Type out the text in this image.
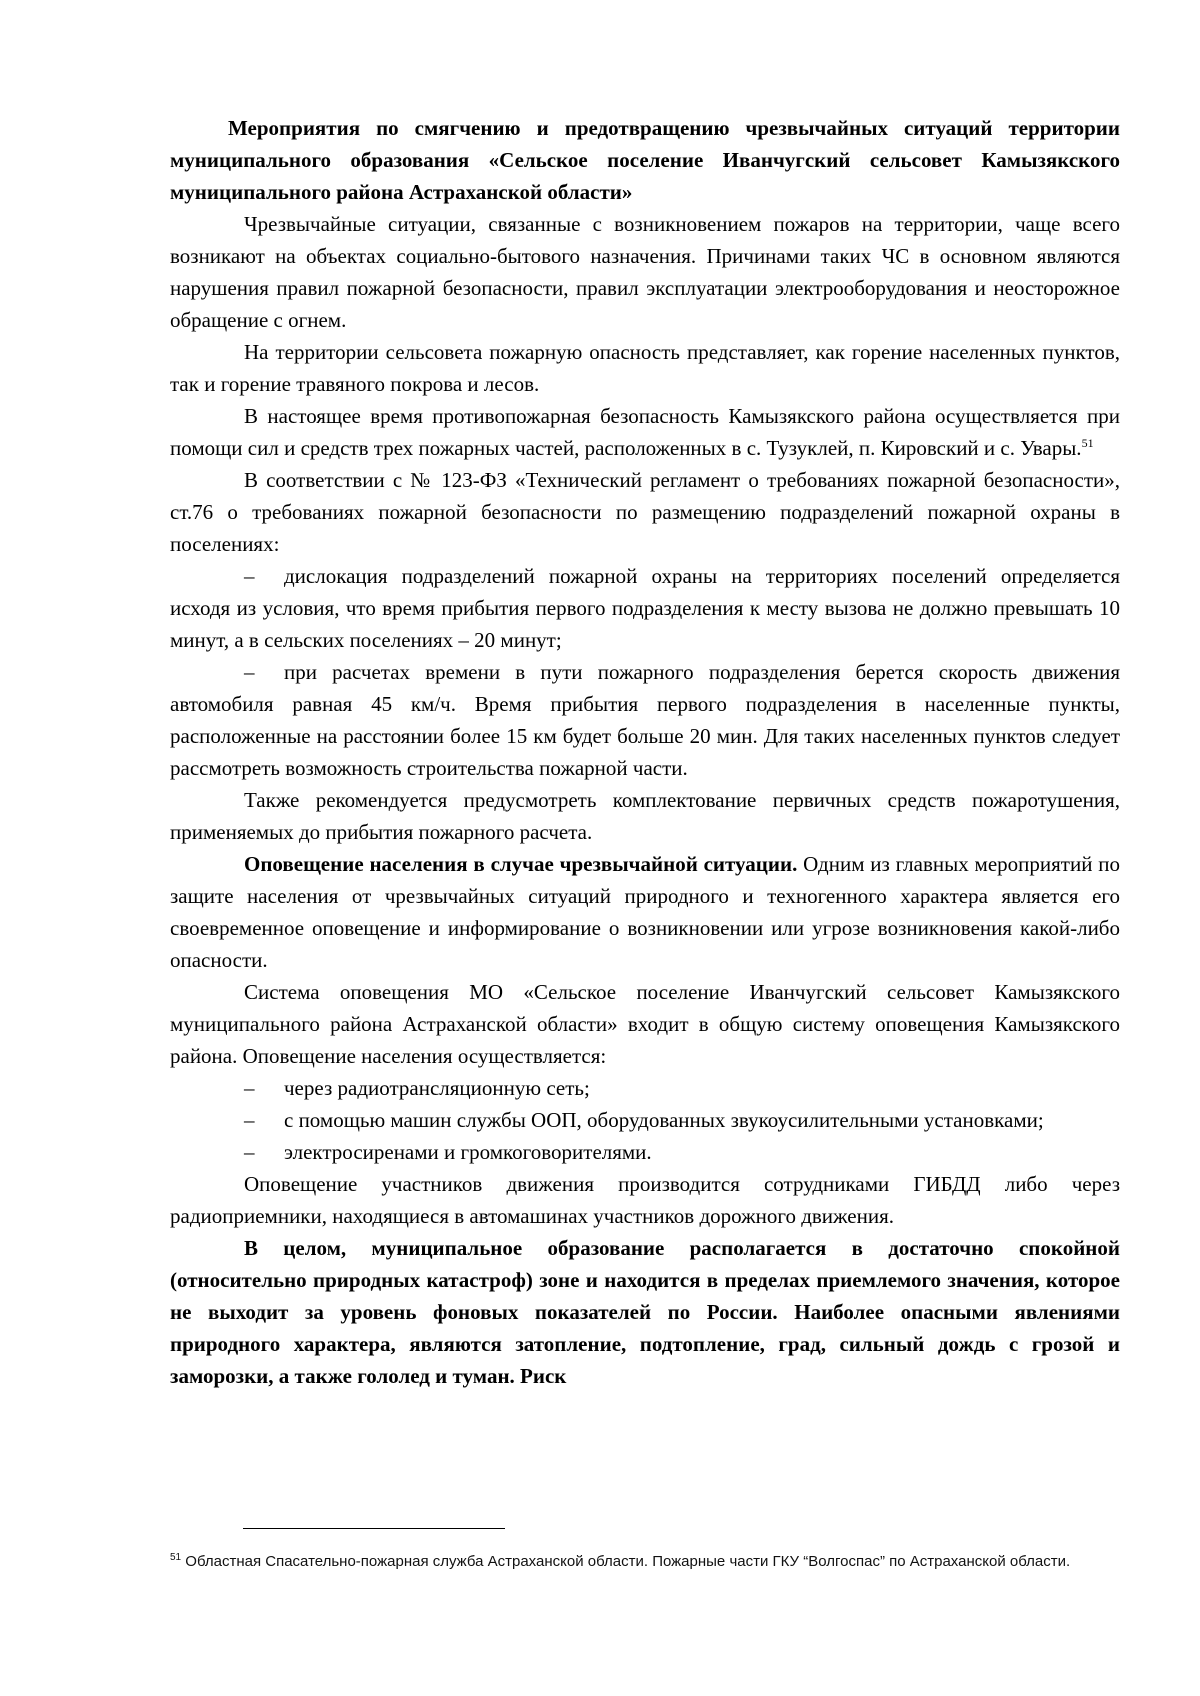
Мероприятия по смягчению и предотвращению чрезвычайных ситуаций территории муниципального образования «Сельское поселение Иванчугский сельсовет Камызякского муниципального района Астраханской области»

Чрезвычайные ситуации, связанные с возникновением пожаров на территории, чаще всего возникают на объектах социально-бытового назначения. Причинами таких ЧС в основном являются нарушения правил пожарной безопасности, правил эксплуатации электрооборудования и неосторожное обращение с огнем.

На территории сельсовета пожарную опасность представляет, как горение населенных пунктов, так и горение травяного покрова и лесов.

В настоящее время противопожарная безопасность Камызякского района осуществляется при помощи сил и средств трех пожарных частей, расположенных в с. Тузуклей, п. Кировский и с. Увары.$^{51}$

В соответствии с № 123-ФЗ «Технический регламент о требованиях пожарной безопасности», ст.76 о требованиях пожарной безопасности по размещению подразделений пожарной охраны в поселениях:

– дислокация подразделений пожарной охраны на территориях поселений определяется исходя из условия, что время прибытия первого подразделения к месту вызова не должно превышать 10 минут, а в сельских поселениях – 20 минут;

– при расчетах времени в пути пожарного подразделения берется скорость движения автомобиля равная 45 км/ч. Время прибытия первого подразделения в населенные пункты, расположенные на расстоянии более 15 км будет больше 20 мин. Для таких населенных пунктов следует рассмотреть возможность строительства пожарной части.

Также рекомендуется предусмотреть комплектование первичных средств пожаротушения, применяемых до прибытия пожарного расчета.

Оповещение населения в случае чрезвычайной ситуации. Одним из главных мероприятий по защите населения от чрезвычайных ситуаций природного и техногенного характера является его своевременное оповещение и информирование о возникновении или угрозе возникновения какой-либо опасности.

Система оповещения МО «Сельское поселение Иванчугский сельсовет Камызякского муниципального района Астраханской области» входит в общую систему оповещения Камызякского района. Оповещение населения осуществляется:

– через радиотрансляционную сеть;

– с помощью машин службы ООП, оборудованных звукоусилительными установками;

– электросиренами и громкоговорителями.

Оповещение участников движения производится сотрудниками ГИБДД либо через радиоприемники, находящиеся в автомашинах участников дорожного движения.

В целом, муниципальное образование располагается в достаточно спокойной (относительно природных катастроф) зоне и находится в пределах приемлемого значения, которое не выходит за уровень фоновых показателей по России. Наиболее опасными явлениями природного характера, являются затопление, подтопление, град, сильный дождь с грозой и заморозки, а также гололед и туман. Риск

$^{51}$ Областная Спасательно-пожарная служба Астраханской области. Пожарные части ГКУ “Волгоспас” по Астраханской области.
